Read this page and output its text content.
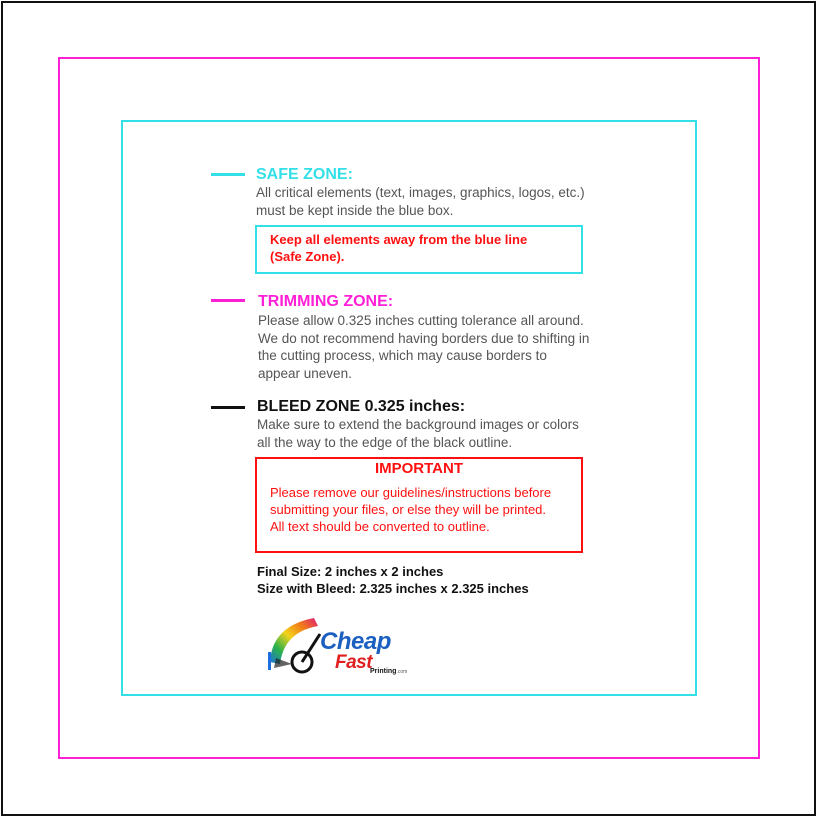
SAFE ZONE:
All critical elements (text, images, graphics, logos, etc.)
must be kept inside the blue box.
Keep all elements away from the blue line
(Safe Zone).
TRIMMING ZONE:
Please allow 0.325 inches cutting tolerance all around.
We do not recommend having borders due to shifting in
the cutting process, which may cause borders to
appear uneven.
BLEED ZONE 0.325 inches:
Make sure to extend the background images or colors
all the way to the edge of the black outline.
IMPORTANT
Please remove our guidelines/instructions before
submitting your files, or else they will be printed.
All text should be converted to outline.
Final Size: 2 inches x 2 inches
Size with Bleed: 2.325 inches x 2.325 inches
Cheap
Fast
Printing.com
